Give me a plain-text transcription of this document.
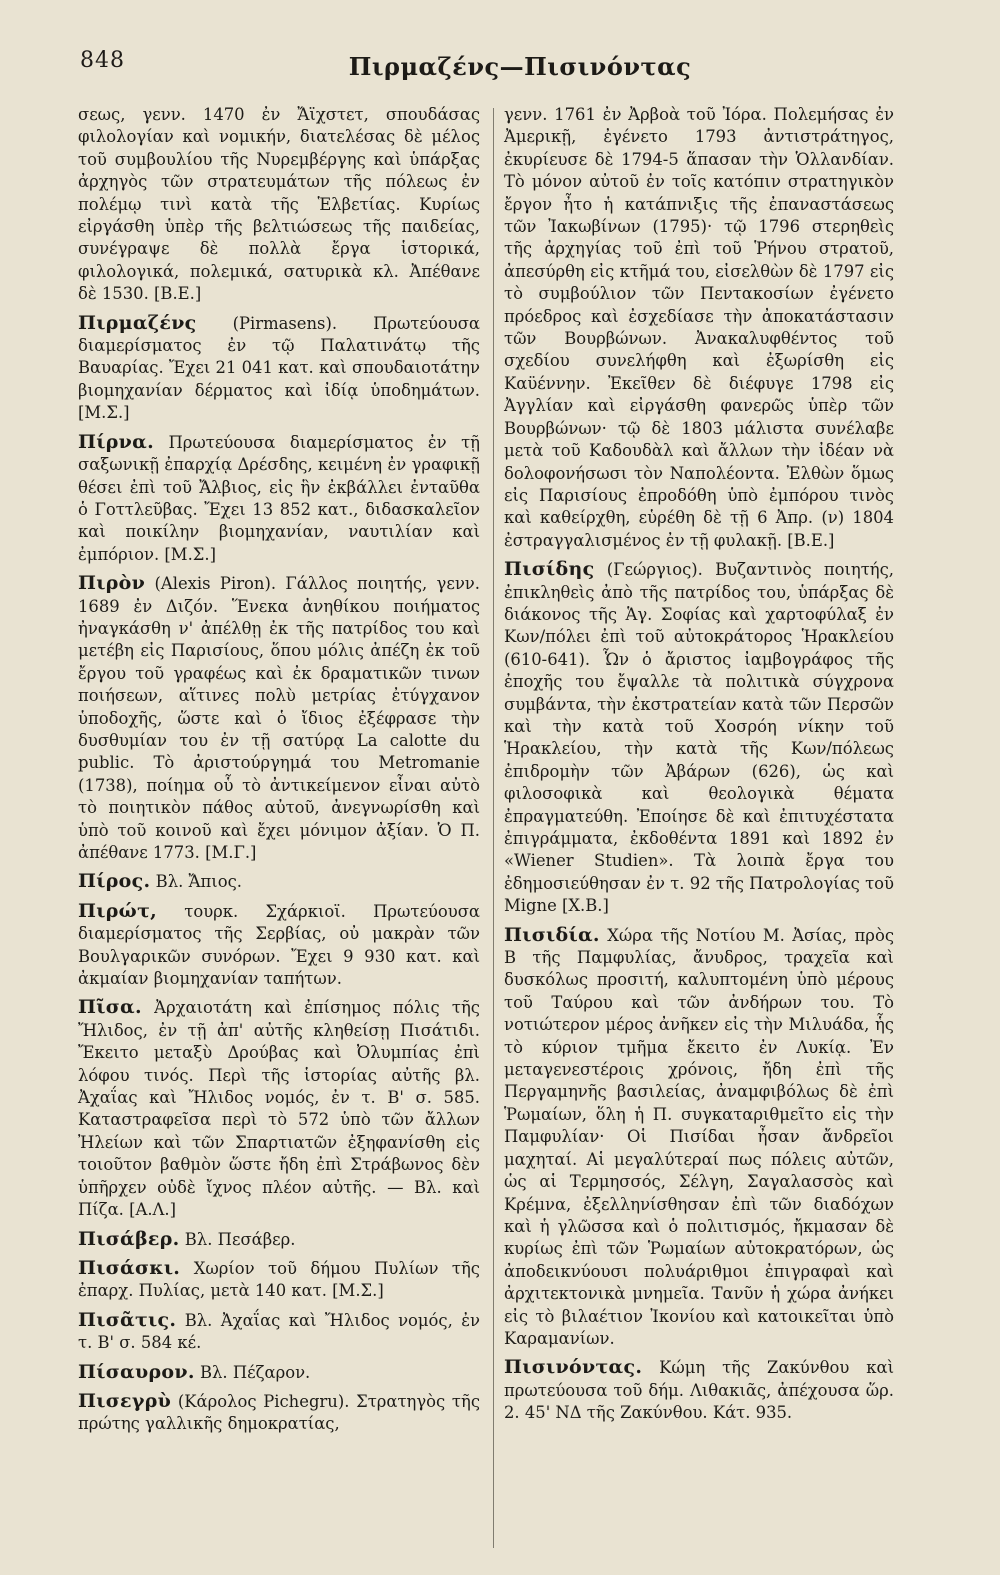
848	Πιρμαζένς—Πισινόντας

σεως, γενν. 1470 ἐν Ἄϊχστετ, σπουδάσας φιλολογίαν καὶ νομικήν, διατελέσας δὲ μέλος τοῦ συμβουλίου τῆς Νυρεμβέργης καὶ ὑπάρξας ἀρχηγὸς τῶν στρατευμάτων τῆς πόλεως ἐν πολέμῳ τινὶ κατὰ τῆς Ἑλβετίας. Κυρίως εἰργάσθη ὑπὲρ τῆς βελτιώσεως τῆς παιδείας, συνέγραψε δὲ πολλὰ ἔργα ἱστορικά, φιλολογικά, πολεμικά, σατυρικὰ κλ. Ἀπέθανε δὲ 1530. [Β.Ε.]

Πιρμαζένς (Pirmasens). Πρωτεύουσα διαμερίσματος ἐν τῷ Παλατινάτῳ τῆς Βαυαρίας. Ἔχει 21 041 κατ. καὶ σπουδαιοτάτην βιομηχανίαν δέρματος καὶ ἰδίᾳ ὑποδημάτων. [Μ.Σ.]

Πίρνα. Πρωτεύουσα διαμερίσματος ἐν τῇ σαξωνικῇ ἐπαρχίᾳ Δρέσδης, κειμένη ἐν γραφικῇ θέσει ἐπὶ τοῦ Ἄλβιος, εἰς ἣν ἐκβάλλει ἐνταῦθα ὁ Γοττλεῦβας. Ἔχει 13 852 κατ., διδασκαλεῖον καὶ ποικίλην βιομηχανίαν, ναυτιλίαν καὶ ἐμπόριον. [Μ.Σ.]

Πιρὸν (Alexis Piron). Γάλλος ποιητής, γενν. 1689 ἐν Διζόν. Ἕνεκα ἀνηθίκου ποιήματος ἠναγκάσθη ν' ἀπέλθῃ ἐκ τῆς πατρίδος του καὶ μετέβη εἰς Παρισίους, ὅπου μόλις ἀπέζη ἐκ τοῦ ἔργου τοῦ γραφέως καὶ ἐκ δραματικῶν τινων ποιήσεων, αἵτινες πολὺ μετρίας ἐτύγχανον ὑποδοχῆς, ὥστε καὶ ὁ ἴδιος ἐξέφρασε τὴν δυσθυμίαν του ἐν τῇ σατύρᾳ La calotte du public. Τὸ ἀριστούργημά του Metromanie (1738), ποίημα οὗ τὸ ἀντικείμενον εἶναι αὐτὸ τὸ ποιητικὸν πάθος αὐτοῦ, ἀνεγνωρίσθη καὶ ὑπὸ τοῦ κοινοῦ καὶ ἔχει μόνιμον ἀξίαν. Ὁ Π. ἀπέθανε 1773. [Μ.Γ.]

Πίρος. Βλ. Ἄπιος.

Πιρώτ, τουρκ. Σχάρκιοϊ. Πρωτεύουσα διαμερίσματος τῆς Σερβίας, οὐ μακρὰν τῶν Βουλγαρικῶν συνόρων. Ἔχει 9 930 κατ. καὶ ἀκμαίαν βιομηχανίαν ταπήτων.

Πῖσα. Ἀρχαιοτάτη καὶ ἐπίσημος πόλις τῆς Ἤλιδος, ἐν τῇ ἀπ' αὐτῆς κληθείσῃ Πισάτιδι. Ἔκειτο μεταξὺ Δρούβας καὶ Ὀλυμπίας ἐπὶ λόφου τινός. Περὶ τῆς ἱστορίας αὐτῆς βλ. Ἀχαΐας καὶ Ἤλιδος νομός, ἐν τ. Β' σ. 585. Καταστραφεῖσα περὶ τὸ 572 ὑπὸ τῶν ἄλλων Ἠλείων καὶ τῶν Σπαρτιατῶν ἐξηφανίσθη εἰς τοιοῦτον βαθμὸν ὥστε ἤδη ἐπὶ Στράβωνος δὲν ὑπῆρχεν οὐδὲ ἴχνος πλέον αὐτῆς. — Βλ. καὶ Πίζα. [Α.Λ.]

Πισάβερ. Βλ. Πεσάβερ.

Πισάσκι. Χωρίον τοῦ δήμου Πυλίων τῆς ἐπαρχ. Πυλίας, μετὰ 140 κατ. [Μ.Σ.]

Πισᾶτις. Βλ. Ἀχαΐας καὶ Ἤλιδος νομός, ἐν τ. Β' σ. 584 κέ.

Πίσαυρον. Βλ. Πέζαρον.

Πισεγρὺ (Κάρολος Pichegru). Στρατηγὸς τῆς πρώτης γαλλικῆς δημοκρατίας,

γενν. 1761 ἐν Ἀρβοὰ τοῦ Ἰόρα. Πολεμήσας ἐν Ἀμερικῇ, ἐγένετο 1793 ἀντιστράτηγος, ἐκυρίευσε δὲ 1794-5 ἅπασαν τὴν Ὁλλανδίαν. Τὸ μόνον αὐτοῦ ἐν τοῖς κατόπιν στρατηγικὸν ἔργον ἦτο ἡ κατάπνιξις τῆς ἐπαναστάσεως τῶν Ἰακωβίνων (1795)· τῷ 1796 στερηθεὶς τῆς ἀρχηγίας τοῦ ἐπὶ τοῦ Ῥήνου στρατοῦ, ἀπεσύρθη εἰς κτῆμά του, εἰσελθὼν δὲ 1797 εἰς τὸ συμβούλιον τῶν Πεντακοσίων ἐγένετο πρόεδρος καὶ ἐσχεδίασε τὴν ἀποκατάστασιν τῶν Βουρβώνων. Ἀνακαλυφθέντος τοῦ σχεδίου συνελήφθη καὶ ἐξωρίσθη εἰς Καϋέννην. Ἐκεῖθεν δὲ διέφυγε 1798 εἰς Ἀγγλίαν καὶ εἰργάσθη φανερῶς ὑπὲρ τῶν Βουρβώνων· τῷ δὲ 1803 μάλιστα συνέλαβε μετὰ τοῦ Καδουδὰλ καὶ ἄλλων τὴν ἰδέαν νὰ δολοφονήσωσι τὸν Ναπολέοντα. Ἐλθὼν ὅμως εἰς Παρισίους ἐπροδόθη ὑπὸ ἐμπόρου τινὸς καὶ καθείρχθη, εὑρέθη δὲ τῇ 6 Ἀπρ. (ν) 1804 ἐστραγγαλισμένος ἐν τῇ φυλακῇ. [Β.Ε.]

Πισίδης (Γεώργιος). Βυζαντινὸς ποιητής, ἐπικληθεὶς ἀπὸ τῆς πατρίδος του, ὑπάρξας δὲ διάκονος τῆς Ἁγ. Σοφίας καὶ χαρτοφύλαξ ἐν Κων/πόλει ἐπὶ τοῦ αὐτοκράτορος Ἡρακλείου (610-641). Ὧν ὁ ἄριστος ἰαμβογράφος τῆς ἐποχῆς του ἔψαλλε τὰ πολιτικὰ σύγχρονα συμβάντα, τὴν ἐκστρατείαν κατὰ τῶν Περσῶν καὶ τὴν κατὰ τοῦ Χοσρόη νίκην τοῦ Ἡρακλείου, τὴν κατὰ τῆς Κων/πόλεως ἐπιδρομὴν τῶν Ἀβάρων (626), ὡς καὶ φιλοσοφικὰ καὶ θεολογικὰ θέματα ἐπραγματεύθη. Ἐποίησε δὲ καὶ ἐπιτυχέστατα ἐπιγράμματα, ἐκδοθέντα 1891 καὶ 1892 ἐν «Wiener Studien». Τὰ λοιπὰ ἔργα του ἐδημοσιεύθησαν ἐν τ. 92 τῆς Πατρολογίας τοῦ Migne [Χ.Β.]

Πισιδία. Χώρα τῆς Νοτίου Μ. Ἀσίας, πρὸς Β τῆς Παμφυλίας, ἄνυδρος, τραχεῖα καὶ δυσκόλως προσιτή, καλυπτομένη ὑπὸ μέρους τοῦ Ταύρου καὶ τῶν ἀνδήρων του. Τὸ νοτιώτερον μέρος ἀνῆκεν εἰς τὴν Μιλυάδα, ἧς τὸ κύριον τμῆμα ἔκειτο ἐν Λυκίᾳ. Ἐν μεταγενεστέροις χρόνοις, ἤδη ἐπὶ τῆς Περγαμηνῆς βασιλείας, ἀναμφιβόλως δὲ ἐπὶ Ῥωμαίων, ὅλη ἡ Π. συγκαταριθμεῖτο εἰς τὴν Παμφυλίαν· Οἱ Πισίδαι ἦσαν ἄνδρεῖοι μαχηταί. Αἱ μεγαλύτεραί πως πόλεις αὐτῶν, ὡς αἱ Τερμησσός, Σέλγη, Σαγαλασσὸς καὶ Κρέμνα, ἐξελληνίσθησαν ἐπὶ τῶν διαδόχων καὶ ἡ γλῶσσα καὶ ὁ πολιτισμός, ἤκμασαν δὲ κυρίως ἐπὶ τῶν Ῥωμαίων αὐτοκρατόρων, ὡς ἀποδεικνύουσι πολυάριθμοι ἐπιγραφαὶ καὶ ἀρχιτεκτονικὰ μνημεῖα. Τανῦν ἡ χώρα ἀνήκει εἰς τὸ βιλαέτιον Ἰκονίου καὶ κατοικεῖται ὑπὸ Καραμανίων.

Πισινόντας. Κώμη τῆς Ζακύνθου καὶ πρωτεύουσα τοῦ δήμ. Λιθακιᾶς, ἀπέχουσα ὥρ. 2. 45' ΝΔ τῆς Ζακύνθου. Κάτ. 935.
